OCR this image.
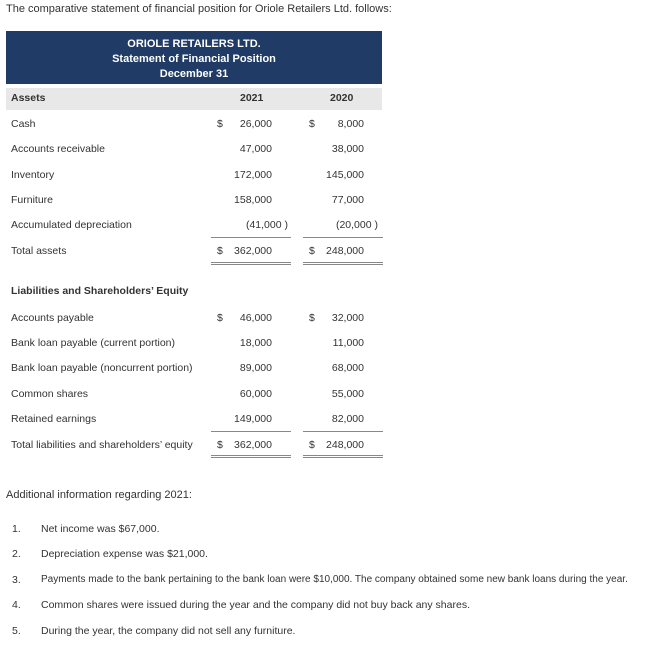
The comparative statement of financial position for Oriole Retailers Ltd. follows:
ORIOLE RETAILERS LTD.
Statement of Financial Position
December 31
Assets	2021	2020
Cash	$ 26,000	$ 8,000
Accounts receivable	47,000	38,000
Inventory	172,000	145,000
Furniture	158,000	77,000
Accumulated depreciation	(41,000 )	(20,000 )
Total assets	$ 362,000	$ 248,000
Liabilities and Shareholders’ Equity
Accounts payable	$ 46,000	$ 32,000
Bank loan payable (current portion)	18,000	11,000
Bank loan payable (noncurrent portion)	89,000	68,000
Common shares	60,000	55,000
Retained earnings	149,000	82,000
Total liabilities and shareholders’ equity $ 362,000	$ 248,000
Additional information regarding 2021:
1. Net income was $67,000.
2. Depreciation expense was $21,000.
3. Payments made to the bank pertaining to the bank loan were $10,000. The company obtained some new bank loans during the year.
4. Common shares were issued during the year and the company did not buy back any shares.
5. During the year, the company did not sell any furniture.
